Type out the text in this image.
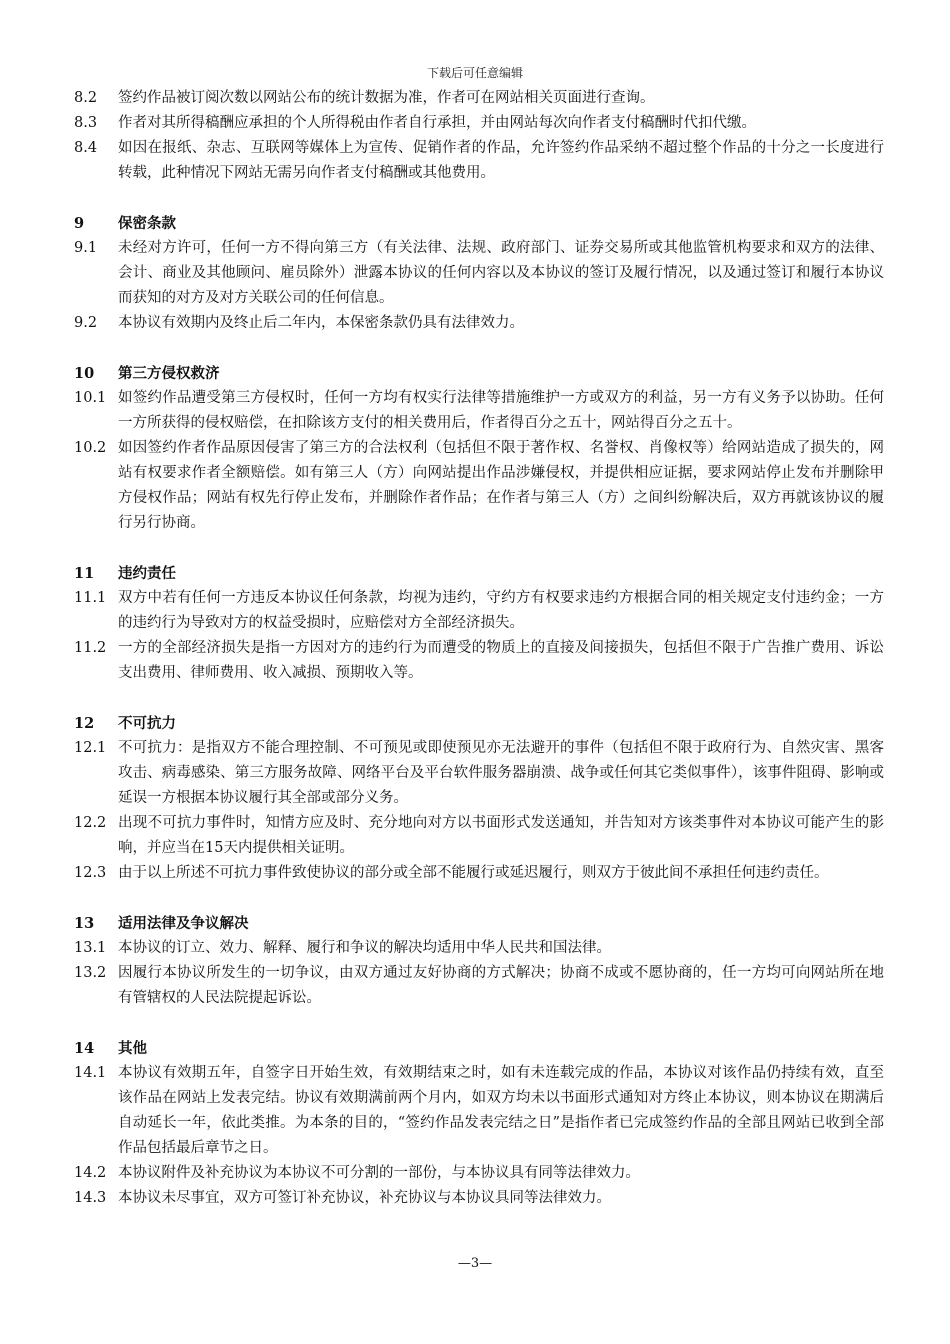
下载后可任意编辑
8.2	签约作品被订阅次数以网站公布的统计数据为准，作者可在网站相关页面进行查询。
8.3	作者对其所得稿酬应承担的个人所得税由作者自行承担，并由网站每次向作者支付稿酬时代扣代缴。
8.4	如因在报纸、杂志、互联网等媒体上为宣传、促销作者的作品，允许签约作品采纳不超过整个作品的十分之一长度进行转载，此种情况下网站无需另向作者支付稿酬或其他费用。
9	保密条款
9.1	未经对方许可，任何一方不得向第三方（有关法律、法规、政府部门、证券交易所或其他监管机构要求和双方的法律、会计、商业及其他顾问、雇员除外）泄露本协议的任何内容以及本协议的签订及履行情况，以及通过签订和履行本协议而获知的对方及对方关联公司的任何信息。
9.2	本协议有效期内及终止后二年内，本保密条款仍具有法律效力。
10	第三方侵权救济
10.1 如签约作品遭受第三方侵权时，任何一方均有权实行法律等措施维护一方或双方的利益，另一方有义务予以协助。任何一方所获得的侵权赔偿，在扣除该方支付的相关费用后，作者得百分之五十，网站得百分之五十。
10.2 如因签约作者作品原因侵害了第三方的合法权利（包括但不限于著作权、名誉权、肖像权等）给网站造成了损失的，网站有权要求作者全额赔偿。如有第三人（方）向网站提出作品涉嫌侵权，并提供相应证据，要求网站停止发布并删除甲方侵权作品；网站有权先行停止发布，并删除作者作品；在作者与第三人（方）之间纠纷解决后，双方再就该协议的履行另行协商。
11	违约责任
11.1 双方中若有任何一方违反本协议任何条款，均视为违约，守约方有权要求违约方根据合同的相关规定支付违约金；一方的违约行为导致对方的权益受损时，应赔偿对方全部经济损失。
11.2 一方的全部经济损失是指一方因对方的违约行为而遭受的物质上的直接及间接损失，包括但不限于广告推广费用、诉讼支出费用、律师费用、收入减损、预期收入等。
12	不可抗力
12.1 不可抗力：是指双方不能合理控制、不可预见或即使预见亦无法避开的事件（包括但不限于政府行为、自然灾害、黑客攻击、病毒感染、第三方服务故障、网络平台及平台软件服务器崩溃、战争或任何其它类似事件），该事件阻碍、影响或延误一方根据本协议履行其全部或部分义务。
12.2 出现不可抗力事件时，知情方应及时、充分地向对方以书面形式发送通知，并告知对方该类事件对本协议可能产生的影响，并应当在15天内提供相关证明。
12.3 由于以上所述不可抗力事件致使协议的部分或全部不能履行或延迟履行，则双方于彼此间不承担任何违约责任。
13	适用法律及争议解决
13.1 本协议的订立、效力、解释、履行和争议的解决均适用中华人民共和国法律。
13.2 因履行本协议所发生的一切争议，由双方通过友好协商的方式解决；协商不成或不愿协商的，任一方均可向网站所在地有管辖权的人民法院提起诉讼。
14	其他
14.1 本协议有效期五年，自签字日开始生效，有效期结束之时，如有未连载完成的作品，本协议对该作品仍持续有效，直至该作品在网站上发表完结。协议有效期满前两个月内，如双方均未以书面形式通知对方终止本协议，则本协议在期满后自动延长一年，依此类推。为本条的目的，“签约作品发表完结之日”是指作者已完成签约作品的全部且网站已收到全部作品包括最后章节之日。
14.2 本协议附件及补充协议为本协议不可分割的一部份，与本协议具有同等法律效力。
14.3 本协议未尽事宜，双方可签订补充协议，补充协议与本协议具同等法律效力。
—3—
